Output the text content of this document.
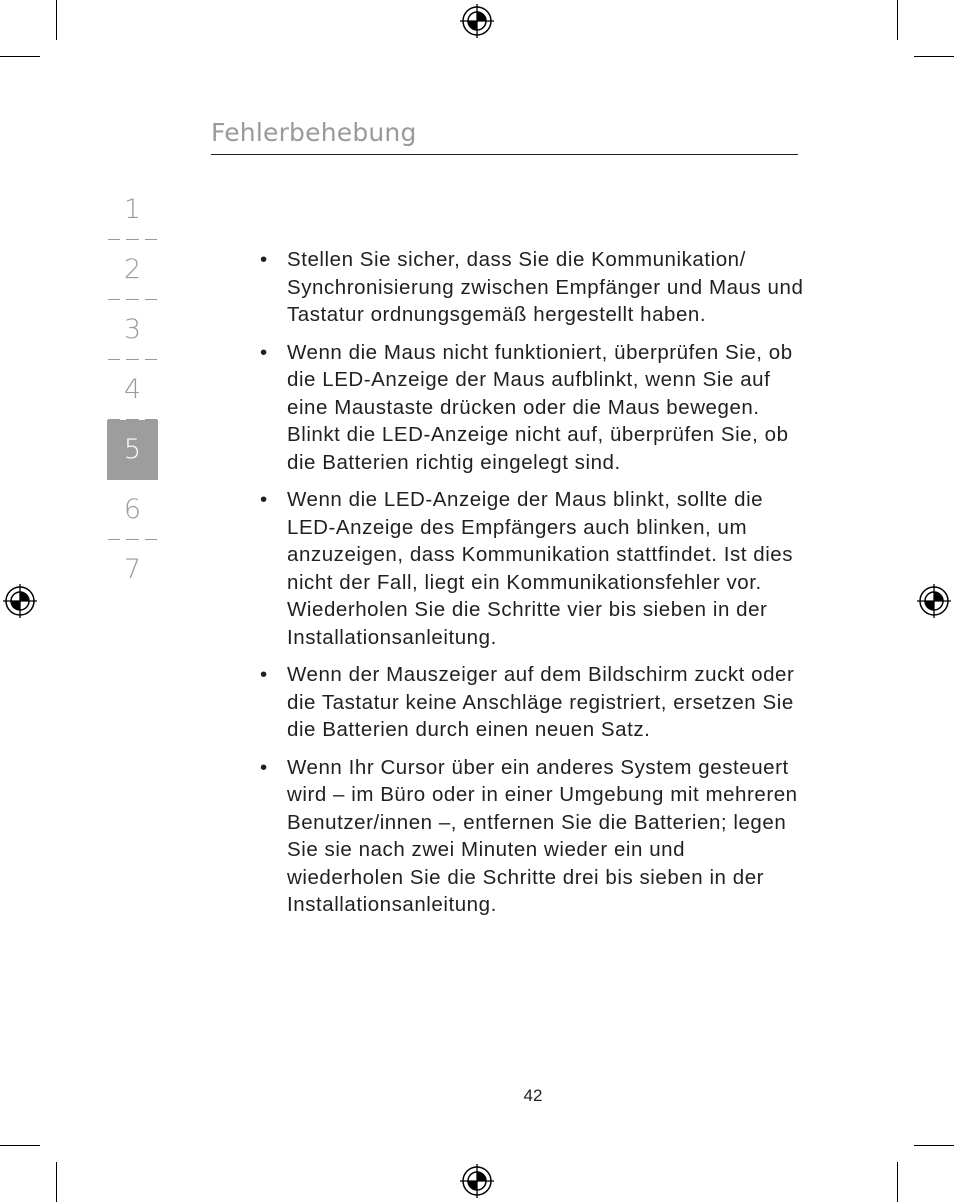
Fehlerbehebung
1
2
3
4
5
6
7
• Stellen Sie sicher, dass Sie die Kommunikation/ Synchronisierung zwischen Empfänger und Maus und Tastatur ordnungsgemäß hergestellt haben.
• Wenn die Maus nicht funktioniert, überprüfen Sie, ob die LED-Anzeige der Maus aufblinkt, wenn Sie auf eine Maustaste drücken oder die Maus bewegen. Blinkt die LED-Anzeige nicht auf, überprüfen Sie, ob die Batterien richtig eingelegt sind.
• Wenn die LED-Anzeige der Maus blinkt, sollte die LED-Anzeige des Empfängers auch blinken, um anzuzeigen, dass Kommunikation stattfindet. Ist dies nicht der Fall, liegt ein Kommunikationsfehler vor. Wiederholen Sie die Schritte vier bis sieben in der Installationsanleitung.
• Wenn der Mauszeiger auf dem Bildschirm zuckt oder die Tastatur keine Anschläge registriert, ersetzen Sie die Batterien durch einen neuen Satz.
• Wenn Ihr Cursor über ein anderes System gesteuert wird – im Büro oder in einer Umgebung mit mehreren Benutzer/innen –, entfernen Sie die Batterien; legen Sie sie nach zwei Minuten wieder ein und wiederholen Sie die Schritte drei bis sieben in der Installationsanleitung.
42
